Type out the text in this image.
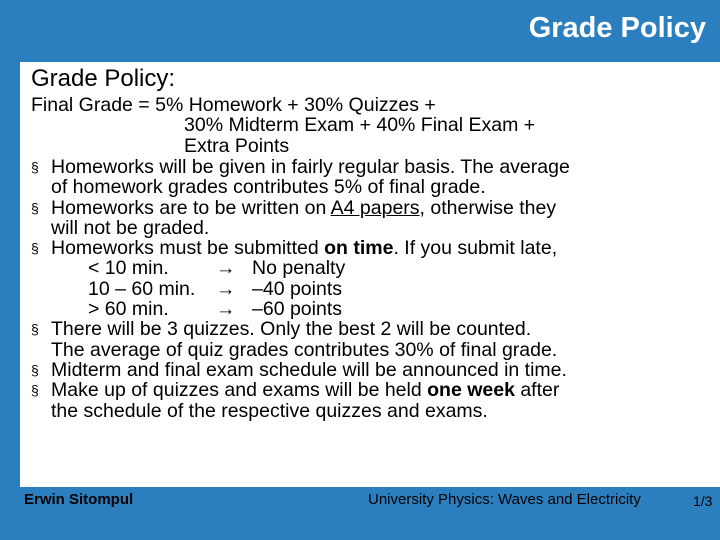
Grade Policy
Grade Policy:
Final Grade = 5% Homework + 30% Quizzes +
30% Midterm Exam + 40% Final Exam +
Extra Points
§ Homeworks will be given in fairly regular basis. The average
of homework grades contributes 5% of final grade.
§ Homeworks are to be written on A4 papers, otherwise they
will not be graded.
§ Homeworks must be submitted on time. If you submit late,
< 10 min. → No penalty
10 – 60 min. → –40 points
> 60 min. → –60 points
§ There will be 3 quizzes. Only the best 2 will be counted.
The average of quiz grades contributes 30% of final grade.
§ Midterm and final exam schedule will be announced in time.
§ Make up of quizzes and exams will be held one week after
the schedule of the respective quizzes and exams.
Erwin Sitompul	University Physics: Waves and Electricity	1/3
